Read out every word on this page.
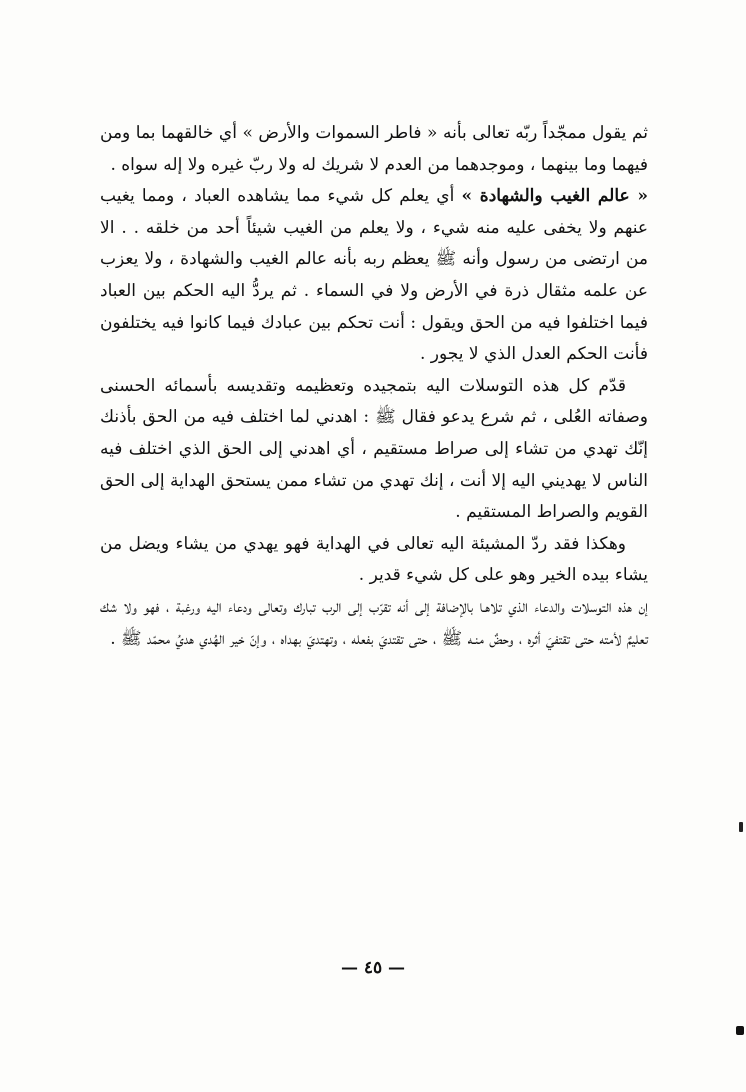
ثم يقول ممجّداً ربّه تعالى بأنه « فاطر السموات والأرض » أي خالقهما بما ومن فيهما وما بينهما ، وموجدهما من العدم لا شريك له ولا ربّ غيره ولا إله سواه .

« عالم الغيب والشهادة » أي يعلم كل شيء مما يشاهده العباد ، ومما يغيب عنهم ولا يخفى عليه منه شيء ، ولا يعلم من الغيب شيئاً أحد من خلقه . . الا من ارتضى من رسول وأنه ﷺ يعظم ربه بأنه عالم الغيب والشهادة ، ولا يعزب عن علمه مثقال ذرة في الأرض ولا في السماء . ثم يردُّ اليه الحكم بين العباد فيما اختلفوا فيه من الحق ويقول : أنت تحكم بين عبادك فيما كانوا فيه يختلفون فأنت الحكم العدل الذي لا يجور .

قدّم كل هذه التوسلات اليه بتمجيده وتعظيمه وتقديسه بأسمائه الحسنى وصفاته العُلى ، ثم شرع يدعو فقال ﷺ : اهدني لما اختلف فيه من الحق بأذنك إنّك تهدي من تشاء إلى صراط مستقيم ، أي اهدني إلى الحق الذي اختلف فيه الناس لا يهديني اليه إلا أنت ، إنك تهدي من تشاء ممن يستحق الهداية إلى الحق القويم والصراط المستقيم .

وهكذا فقد ردّ المشيئة اليه تعالى في الهداية فهو يهدي من يشاء ويضل من يشاء بيده الخير وهو على كل شيء قدير .

إن هذه التوسلات والدعاء الذي تلاهـا بالإضافة إلى أنه تقرّب إلى الرب تبارك وتعالى ودعاء اليه ورغبة ، فهو ولا شك تعليمٌ لأمته حتى تقتفيَ أثره ، وحضٌ منـه ﷺ ، حتى تقتديَ بفعله ، وتهتديَ بهداه ، وإنّ خير الهُدي هديُ محمّد ﷺ .

— ٤٥ —
